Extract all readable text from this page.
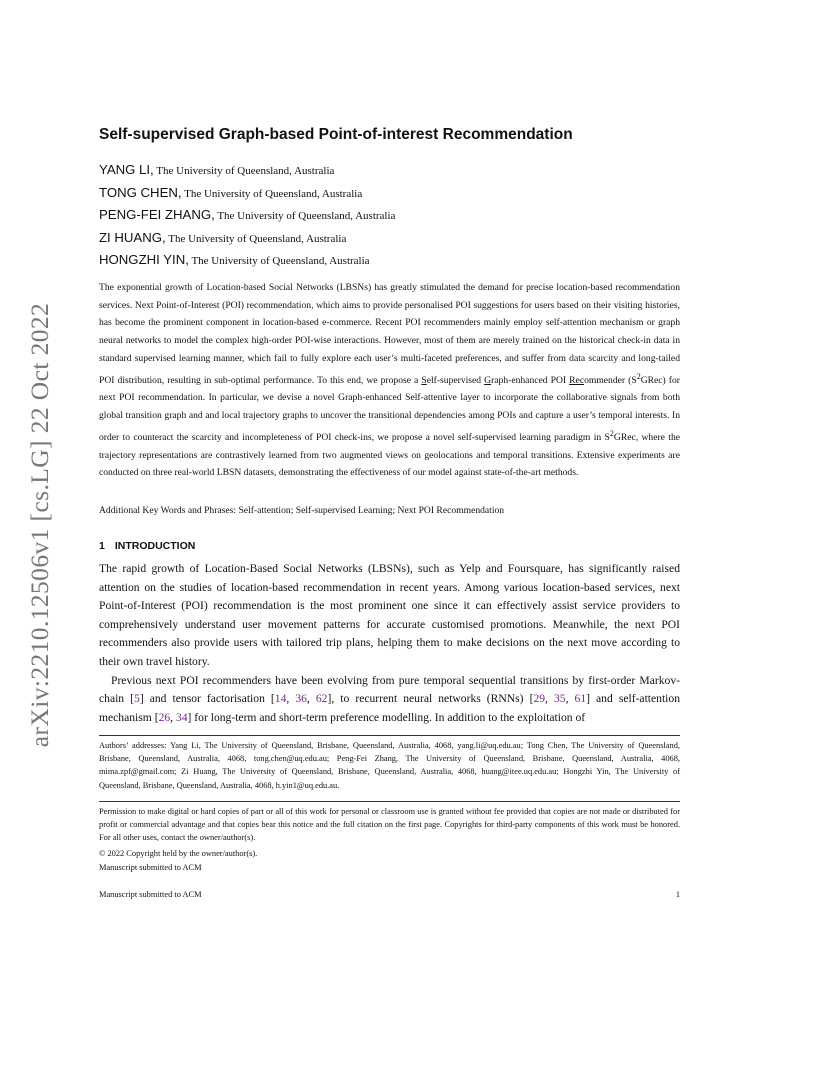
arXiv:2210.12506v1 [cs.LG] 22 Oct 2022
Self-supervised Graph-based Point-of-interest Recommendation
YANG LI, The University of Queensland, Australia
TONG CHEN, The University of Queensland, Australia
PENG-FEI ZHANG, The University of Queensland, Australia
ZI HUANG, The University of Queensland, Australia
HONGZHI YIN, The University of Queensland, Australia

The exponential growth of Location-based Social Networks (LBSNs) has greatly stimulated the demand for precise location-based recommendation services. Next Point-of-Interest (POI) recommendation, which aims to provide personalised POI suggestions for users based on their visiting histories, has become the prominent component in location-based e-commerce. Recent POI recommenders mainly employ self-attention mechanism or graph neural networks to model the complex high-order POI-wise interactions. However, most of them are merely trained on the historical check-in data in standard supervised learning manner, which fail to fully explore each user’s multi-faceted preferences, and suffer from data scarcity and long-tailed POI distribution, resulting in sub-optimal performance. To this end, we propose a Self-supervised Graph-enhanced POI Recommender $(S^2GRec)$ for next POI recommendation. In particular, we devise a novel Graph-enhanced Self-attentive layer to incorporate the collaborative signals from both global transition graph and and local trajectory graphs to uncover the transitional dependencies among POIs and capture a user’s temporal interests. In order to counteract the scarcity and incompleteness of POI check-ins, we propose a novel self-supervised learning paradigm in $S^2GRec$, where the trajectory representations are contrastively learned from two augmented views on geolocations and temporal transitions. Extensive experiments are conducted on three real-world LBSN datasets, demonstrating the effectiveness of our model against state-of-the-art methods.

Additional Key Words and Phrases: Self-attention; Self-supervised Learning; Next POI Recommendation

1 INTRODUCTION

The rapid growth of Location-Based Social Networks (LBSNs), such as Yelp and Foursquare, has significantly raised attention on the studies of location-based recommendation in recent years. Among various location-based services, next Point-of-Interest (POI) recommendation is the most prominent one since it can effectively assist service providers to comprehensively understand user movement patterns for accurate customised promotions. Meanwhile, the next POI recommenders also provide users with tailored trip plans, helping them to make decisions on the next move according to their own travel history.

Previous next POI recommenders have been evolving from pure temporal sequential transitions by first-order Markov-chain [5] and tensor factorisation [14, 36, 62], to recurrent neural networks (RNNs) [29, 35, 61] and self-attention mechanism [26, 34] for long-term and short-term preference modelling. In addition to the exploitation of

Authors’ addresses: Yang Li, The University of Queensland, Brisbane, Queensland, Australia, 4068, yang.li@uq.edu.au; Tong Chen, The University of Queensland, Brisbane, Queensland, Australia, 4068, tong.chen@uq.edu.au; Peng-Fei Zhang, The University of Queensland, Brisbane, Queensland, Australia, 4068, mima.zpf@gmail.com; Zi Huang, The University of Queensland, Brisbane, Queensland, Australia, 4068, huang@itee.uq.edu.au; Hongzhi Yin, The University of Queensland, Brisbane, Queensland, Australia, 4068, h.yin1@uq.edu.au.

Permission to make digital or hard copies of part or all of this work for personal or classroom use is granted without fee provided that copies are not made or distributed for profit or commercial advantage and that copies bear this notice and the full citation on the first page. Copyrights for third-party components of this work must be honored. For all other uses, contact the owner/author(s).

© 2022 Copyright held by the owner/author(s).

Manuscript submitted to ACM

Manuscript submitted to ACM	1
